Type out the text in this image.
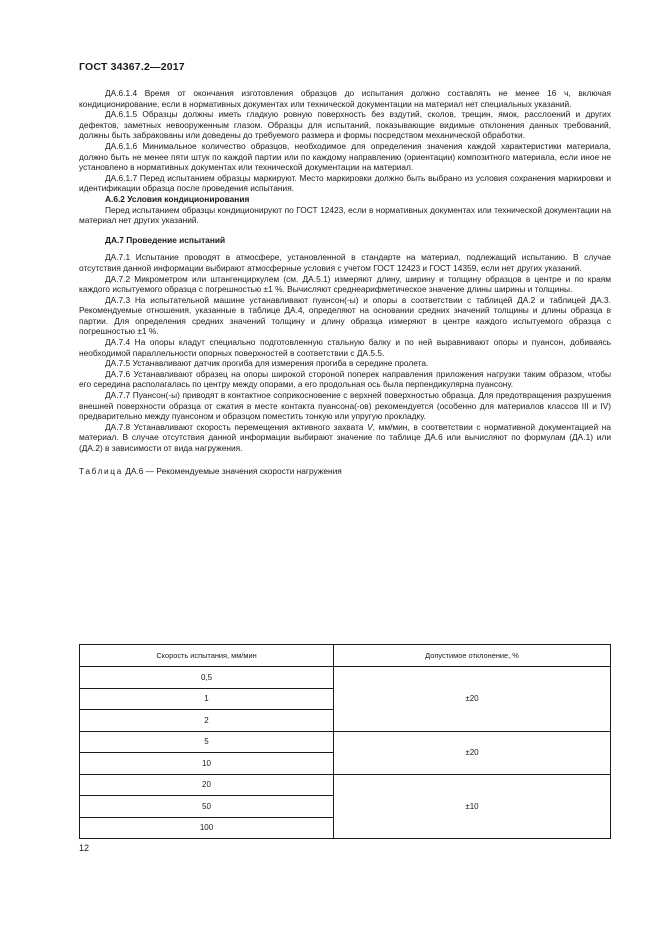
ГОСТ 34367.2—2017

ДА.6.1.4 Время от окончания изготовления образцов до испытания должно составлять не менее 16 ч, включая кондиционирование, если в нормативных документах или технической документации на материал нет специальных указаний.

ДА.6.1.5 Образцы должны иметь гладкую ровную поверхность без вздутий, сколов, трещин, ямок, расслоений и других дефектов, заметных невооруженным глазом. Образцы для испытаний, показывающие видимые отклонения данных требований, должны быть забракованы или доведены до требуемого размера и формы посредством механической обработки.

ДА.6.1.6 Минимальное количество образцов, необходимое для определения значения каждой характеристики материала, должно быть не менее пяти штук по каждой партии или по каждому направлению (ориентации) композитного материала, если иное не установлено в нормативных документах или технической документации на материал.

ДА.6.1.7 Перед испытанием образцы маркируют. Место маркировки должно быть выбрано из условия сохранения маркировки и идентификации образца после проведения испытания.

А.6.2 Условия кондиционирования

Перед испытанием образцы кондиционируют по ГОСТ 12423, если в нормативных документах или технической документации на материал нет других указаний.

ДА.7 Проведение испытаний

ДА.7.1 Испытание проводят в атмосфере, установленной в стандарте на материал, подлежащий испытанию. В случае отсутствия данной информации выбирают атмосферные условия с учетом ГОСТ 12423 и ГОСТ 14359, если нет других указаний.

ДА.7.2 Микрометром или штангенциркулем (см. ДА.5.1) измеряют длину, ширину и толщину образцов в центре и по краям каждого испытуемого образца с погрешностью ±1 %. Вычисляют среднеарифметическое значение длины ширины и толщины.

ДА.7.3 На испытательной машине устанавливают пуансон(-ы) и опоры в соответствии с таблицей ДА.2 и таблицей ДА.3. Рекомендуемые отношения, указанные в таблице ДА.4, определяют на основании средних значений толщины и длины образца в партии. Для определения средних значений толщину и длину образца измеряют в центре каждого испытуемого образца с погрешностью ±1 %.

ДА.7.4 На опоры кладут специально подготовленную стальную балку и по ней выравнивают опоры и пуансон, добиваясь необходимой параллельности опорных поверхностей в соответствии с ДА.5.5.

ДА.7.5 Устанавливают датчик прогиба для измерения прогиба в середине пролета.

ДА.7.6 Устанавливают образец на опоры широкой стороной поперек направления приложения нагрузки таким образом, чтобы его середина располагалась по центру между опорами, а его продольная ось была перпендикулярна пуансону.

ДА.7.7 Пуансон(-ы) приводят в контактное соприкосновение с верхней поверхностью образца. Для предотвращения разрушения внешней поверхности образца от сжатия в месте контакта пуансона(-ов) рекомендуется (особенно для материалов классов III и IV) предварительно между пуансоном и образцом поместить тонкую или упругую прокладку.

ДА.7.8 Устанавливают скорость перемещения активного захвата V, мм/мин, в соответствии с нормативной документацией на материал. В случае отсутствия данной информации выбирают значение по таблице ДА.6 или вычисляют по формулам (ДА.1) или (ДА.2) в зависимости от вида нагружения.

Таблица ДА.6 — Рекомендуемые значения скорости нагружения

Скорость испытания, мм/мин	Допустимое отклонение, %
0,5	±20
1	
2	
5	±20
10	
20	±10
50	
100	
12
